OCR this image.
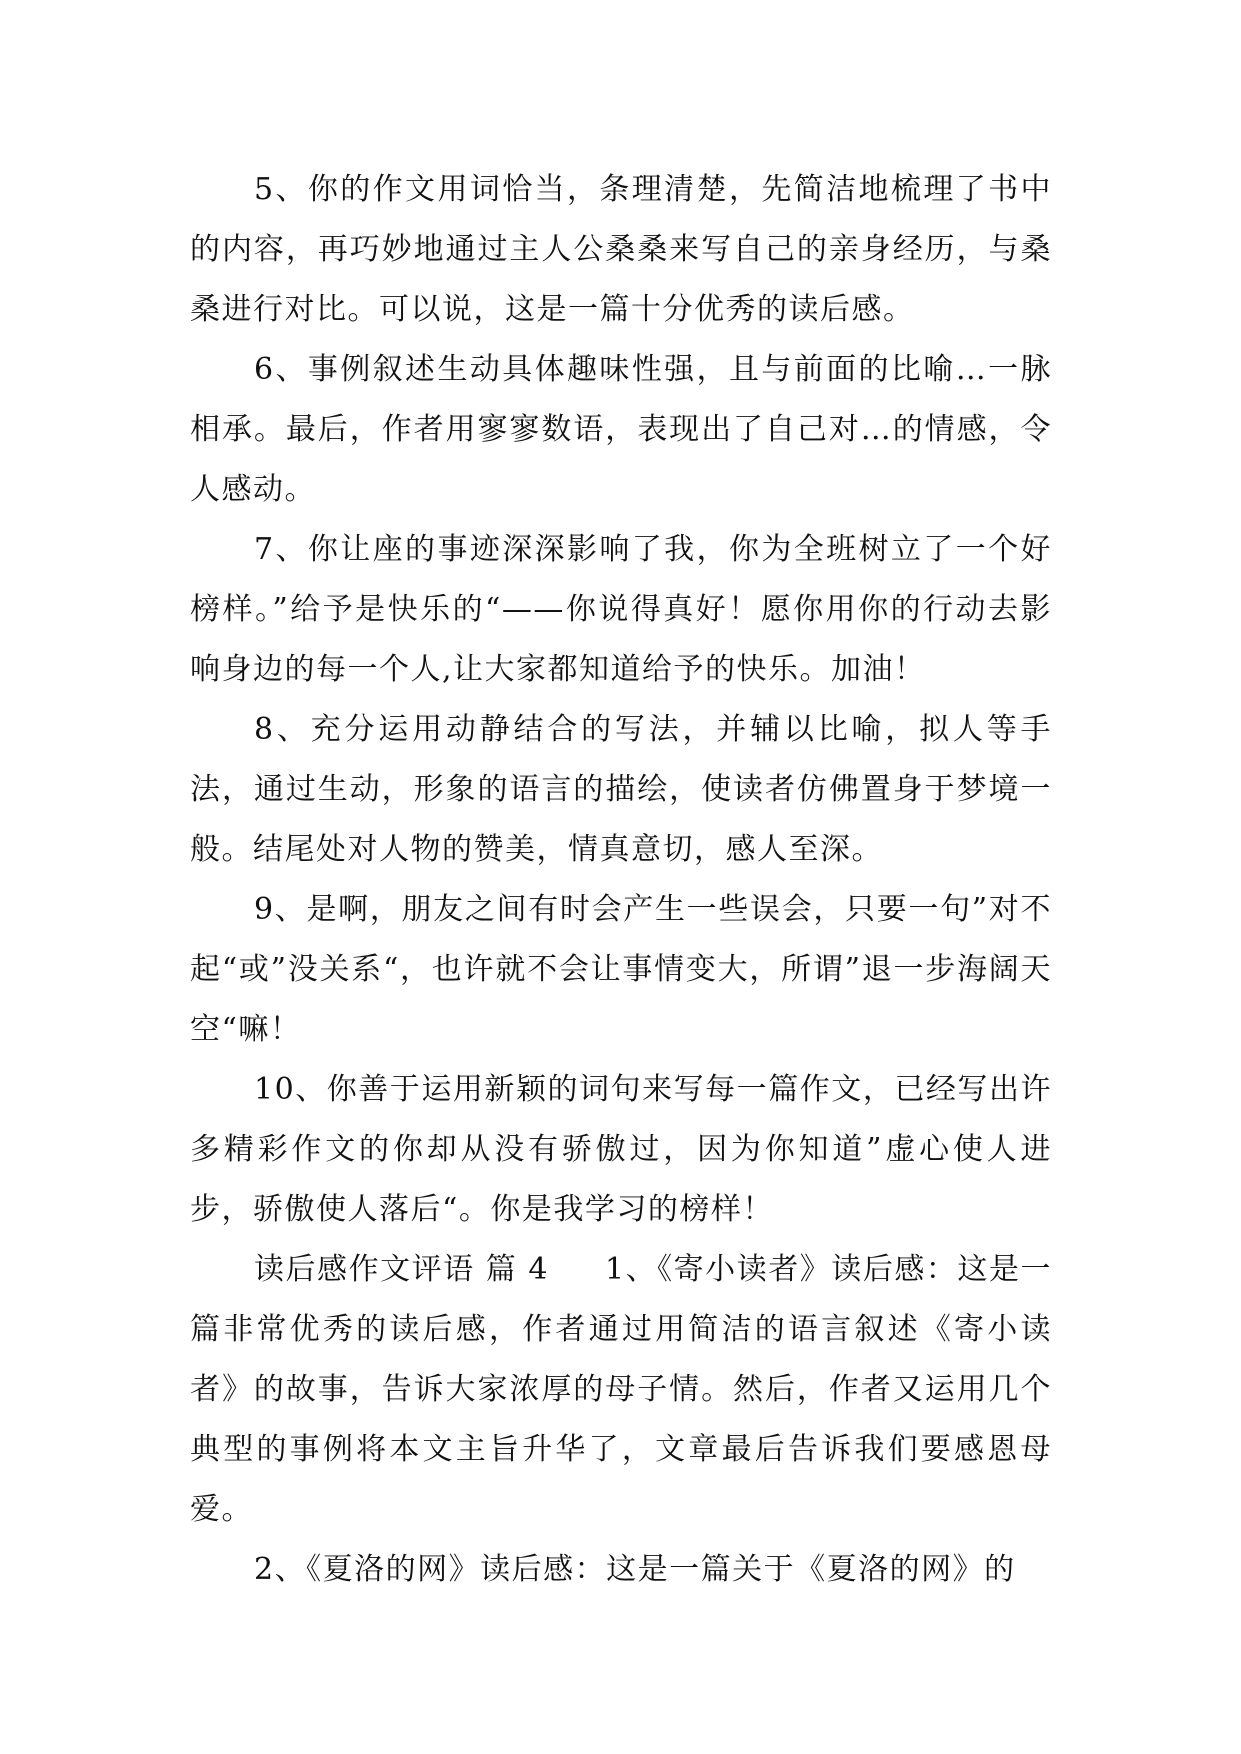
5、你的作文用词恰当，条理清楚，先简洁地梳理了书中的内容，再巧妙地通过主人公桑桑来写自己的亲身经历，与桑桑进行对比。可以说，这是一篇十分优秀的读后感。

6、事例叙述生动具体趣味性强，且与前面的比喻…一脉相承。最后，作者用寥寥数语，表现出了自己对…的情感，令人感动。

7、你让座的事迹深深影响了我，你为全班树立了一个好榜样。”给予是快乐的“——你说得真好！愿你用你的行动去影响身边的每一个人,让大家都知道给予的快乐。加油！

8、充分运用动静结合的写法，并辅以比喻，拟人等手法，通过生动，形象的语言的描绘，使读者仿佛置身于梦境一般。结尾处对人物的赞美，情真意切，感人至深。

9、是啊，朋友之间有时会产生一些误会，只要一句”对不起“或”没关系“，也许就不会让事情变大，所谓”退一步海阔天空“嘛！

10、你善于运用新颖的词句来写每一篇作文，已经写出许多精彩作文的你却从没有骄傲过，因为你知道”虚心使人进步，骄傲使人落后“。你是我学习的榜样！

读后感作文评语 篇 4 1、《寄小读者》读后感：这是一篇非常优秀的读后感，作者通过用简洁的语言叙述《寄小读者》的故事，告诉大家浓厚的母子情。然后，作者又运用几个典型的事例将本文主旨升华了，文章最后告诉我们要感恩母爱。

2、《夏洛的网》读后感：这是一篇关于《夏洛的网》的
